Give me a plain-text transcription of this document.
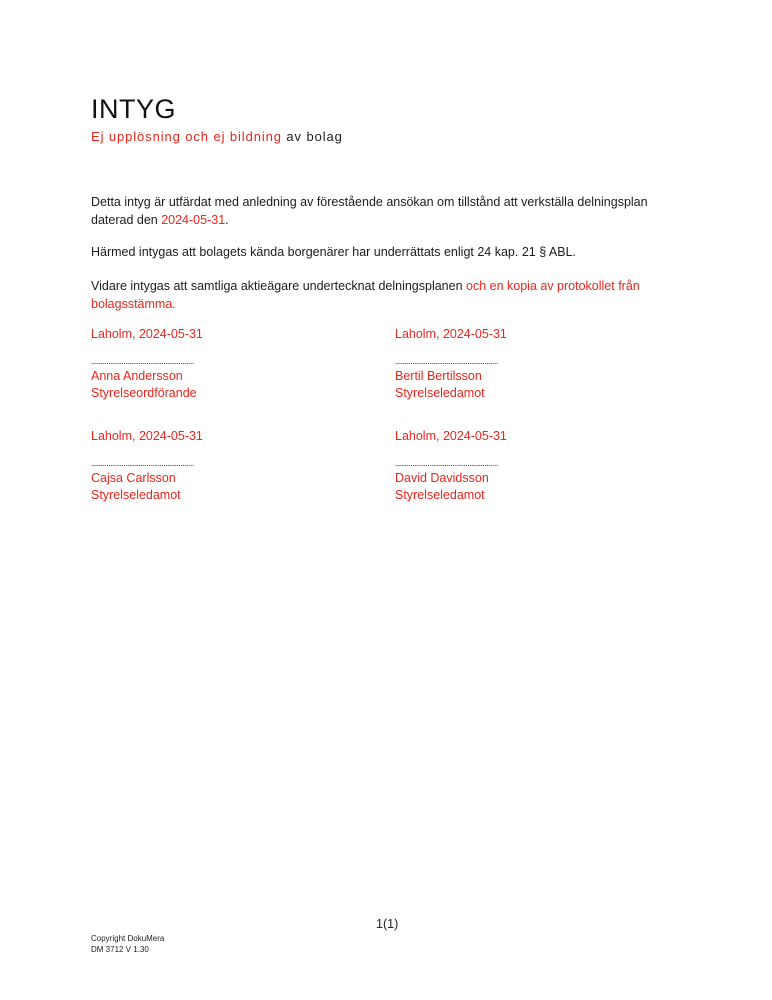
INTYG

Ej upplösning och ej bildning av bolag

Detta intyg är utfärdat med anledning av förestående ansökan om tillstånd att verkställa delningsplan daterad den 2024-05-31.

Härmed intygas att bolagets kända borgenärer har underrättats enligt 24 kap. 21 § ABL.

Vidare intygas att samtliga aktieägare undertecknat delningsplanen och en kopia av protokollet från bolagsstämma.

Laholm, 2024-05-31

......................................................

Anna Andersson

Styrelseordförande

Laholm, 2024-05-31

......................................................

Bertil Bertilsson

Styrelseledamot

Laholm, 2024-05-31

......................................................

Cajsa Carlsson

Styrelseledamot

Laholm, 2024-05-31

......................................................

David Davidsson

Styrelseledamot

1(1)

Copyright DokuMera

DM 3712 V 1.30
